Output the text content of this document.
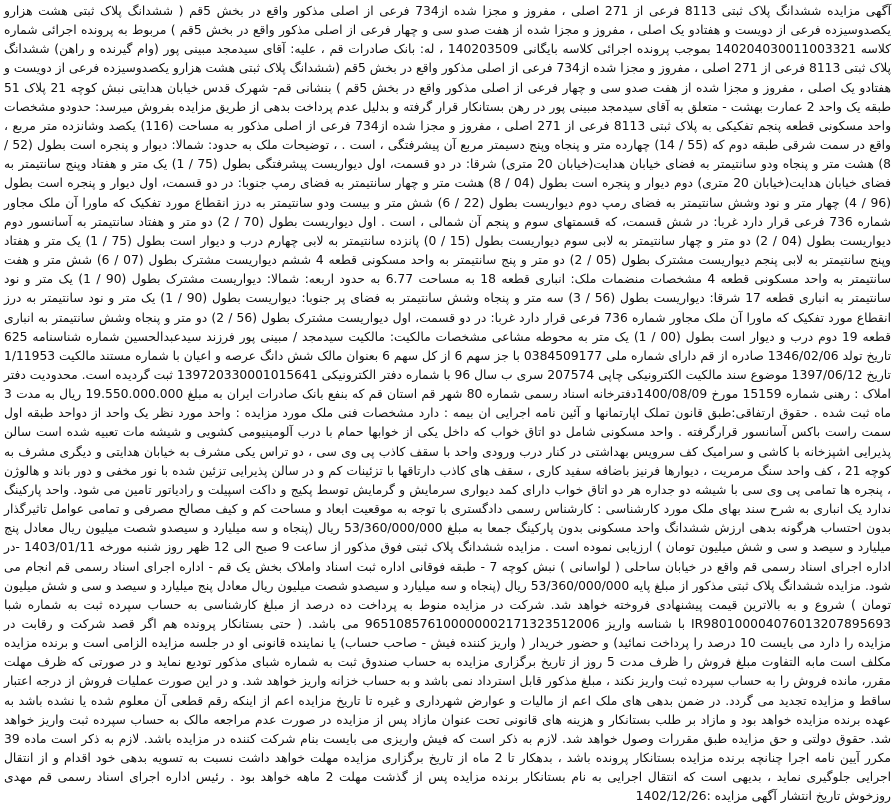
آگهی مزایده ششدانگ پلاک ثبتی 8113 فرعی از 271 اصلی ، مفروز و مجزا شده از734 فرعی از اصلی مذکور واقع در بخش 5قم ( ششدانگ پلاک ثبتی هشت هزارو یکصدوسیزده فرعی از دویست و هفتادو یک اصلی ، مفروز و مجزا شده از هفت صدو سی و چهار فرعی از اصلی مذکور واقع در بخش 5قم ) مربوط به پرونده اجرائی شماره کلاسه 140204030011003321 بموجب پرونده اجرائی کلاسه بایگانی 140203509 ، له: بانک صادرات قم ، علیه: آقای سیدمجد مبینی پور (وام گیرنده و راهن) ششدانگ پلاک ثبتی 8113 فرعی از 271 اصلی ، مفروز و مجزا شده از734 فرعی از اصلی مذکور واقع در بخش 5قم (ششدانگ پلاک ثبتی هشت هزارو یکصدوسیزده فرعی از دویست و هفتادو یک اصلی ، مفروز و مجزا شده از هفت صدو سی و چهار فرعی از اصلی مذکور واقع در بخش 5قم ) بنشانی قم- شهرک قدس خیابان هدایتی نبش کوچه 21 پلاک 51 طبقه یک واحد 2 عمارت بهشت - متعلق به آقای سیدمجد مبینی پور در رهن بستانکار قرار گرفته و بدلیل عدم پرداخت بدهی از طریق مزایده بفروش میرسد: حدودو مشخصات واحد مسکونی قطعه پنجم تفکیکی به پلاک ثبتی 8113 فرعی از 271 اصلی ، مفروز و مجزا شده از734 فرعی از اصلی مذکور به مساحت (116) یکصد وشانزده متر مربع ، واقع در سمت شرقی طبقه دوم که (55 / 14) چهارده متر و پنجاه وپنج دسیمتر مربع آن پیشرفتگی ، است . ، توضیحات ملک به حدود: شمالا: دیوار و پنجره است بطول (52 / 8) هشت متر و پنجاه ودو سانتیمتر به فضای خیابان هدایت(خیابان 20 متری) شرقا: در دو قسمت، اول دیواریست پیشرفتگی بطول (75 / 1) یک متر و هفتاد وپنج سانتیمتر به فضای خیابان هدایت(خیابان 20 متری) دوم دیوار و پنجره است بطول (04 / 8) هشت متر و چهار سانتیمتر به فضای رمپ جنوبا: در دو قسمت، اول دیوار و پنجره است بطول (96 / 4) چهار متر و نود وشش سانتیمتر به فضای رمپ دوم دیواریست بطول (22 / 6) شش متر و بیست ودو سانتیمتر به درز انقطاع مورد تفکیک که ماورا آن ملک مجاور شماره 736 فرعی قرار دارد غربا: در شش قسمت، که قسمتهای سوم و پنجم آن شمالی ، است . اول دیواریست بطول (70 / 2) دو متر و هفتاد سانتیمتر به آسانسور دوم دیواریست بطول (04 / 2) دو متر و چهار سانتیمتر به لابی سوم دیواریست بطول (15 / 0) پانزده سانتیمتر به لابی چهارم درب و دیوار است بطول (75 / 1) یک متر و هفتاد وپنج سانتیمتر به لابی پنجم دیواریست مشترک بطول (05 / 2) دو متر و پنج سانتیمتر به واحد مسکونی قطعه 4 ششم دیواریست مشترک بطول (07 / 6) شش متر و هفت سانتیمتر به واحد مسکونی قطعه 4 مشخصات منضمات ملک: انباری قطعه 18 به مساحت 6.77 به حدود اربعه: شمالا: دیواریست مشترک بطول (90 / 1) یک متر و نود سانتیمتر به انباری قطعه 17 شرقا: دیواریست بطول (56 / 3) سه متر و پنجاه وشش سانتیمتر به فضای پر جنوبا: دیواریست بطول (90 / 1) یک متر و نود سانتیمتر به درز انقطاع مورد تفکیک که ماورا آن ملک مجاور شماره 736 فرعی قرار دارد غربا: در دو قسمت، اول دیواریست مشترک بطول (56 / 2) دو متر و پنجاه وشش سانتیمتر به انباری قطعه 19 دوم درب و دیوار است بطول (00 / 1) یک متر به محوطه مشاعی مشخصات مالکیت: مالکیت سیدمجد / مبینی پور فرزند سیدعبدالحسین شماره شناسنامه 625 تاریخ تولد 1346/02/06 صادره از قم دارای شماره ملی 0384509177 با جز سهم 6 از کل سهم 6 بعنوان مالک شش دانگ عرصه و اعیان با شماره مستند مالکیت 1/11953 تاریخ 1397/06/12 موضوع سند مالکیت الکترونیکی چاپی 207574 سری ب سال 96 با شماره دفتر الکترونیکی 139720330001015641 ثبت گردیده است. محدودیت دفتر املاک : رهنی شماره 15159 مورخ 1400/08/09دفترخانه اسناد رسمی شماره 80 شهر قم استان قم که بنفع بانک صادرات ایران به مبلغ 19.550.000.000 ریال به مدت 3 ماه ثبت شده . حقوق ارتفاقی:طبق قانون تملک اپارتمانها و آئین نامه اجرایی ان بیمه : دارد مشخصات فنی ملک مورد مزایده : واحد مورد نظر یک واحد از دواحد طبقه اول سمت راست باکس آسانسور قرارگرفته . واحد مسکونی شامل دو اتاق خواب که داخل یکی از خوابها حمام با درب آلومینیومی کشویی و شیشه مات تعبیه شده است سالن پذیرایی اشپزخانه با کاشی و سرامیک کف سرویس بهداشتی در کنار درب ورودی واحد با سقف کاذب پی وی سی ، دو تراس یکی مشرف به خیابان هدایتی و دیگری مشرف به کوچه 21 ، کف واحد سنگ مرمریت ، دیوارها فرنیز باضافه سفید کاری ، سقف های کاذب دارتاقها با تزئینات کم و در سالن پذیرایی تزئین شده با نور مخفی و دور باند و هالوژن ، پنجره ها تمامی پی وی سی با شیشه دو جداره هر دو اتاق خواب دارای کمد دیواری سرمایش و گرمایش توسط پکیج و داکت اسپیلت و رادیاتور تامین می شود. واحد پارکینگ ندارد یک انباری به شرح سند بهای ملک مورد کارشناسی : کارشناس رسمی دادگستری با توجه به موقعیت ابعاد و مساحت کم و کیف مصالح مصرفی و تمامی عوامل تاثیرگذار بدون احتساب هرگونه بدهی ارزش ششدانگ واحد مسکونی بدون پارکینگ جمعا به مبلغ 53/360/000/000 ریال (پنجاه و سه میلیارد و سیصدو شصت میلیون ریال معادل پنج میلیارد و سیصد و سی و شش میلیون تومان ) ارزیابی نموده است . مزایده ششدانگ پلاک ثبتی فوق مذکور از ساعت 9 صبح الی 12 ظهر روز شنبه مورخه 1403/01/11 -در اداره اجرای اسناد رسمی قم واقع در خیابان ساحلی ( لواسانی ) نبش کوچه 7 - طبقه فوقانی اداره ثبت اسناد واملاک بخش یک قم - اداره اجرای اسناد رسمی قم انجام می شود. مزایده ششدانگ پلاک ثبتی مذکور از مبلغ پایه 53/360/000/000 ریال (پنجاه و سه میلیارد و سیصدو شصت میلیون ریال معادل پنج میلیارد و سیصد و سی و شش میلیون تومان ) شروع و به بالاترین قیمت پیشنهادی فروخته خواهد شد. شرکت در مزایده منوط به پرداخت ده درصد از مبلغ کارشناسی به حساب سپرده ثبت به شماره شبا IR980100004076013207895693 با شناسه واریز 965108576100000002171323512006 می باشد. ( حتی بستانکار پرونده هم اگر قصد شرکت و رقابت در مزایده را دارد می بایست 10 درصد را پرداخت نمائید) و حضور خریدار ( واریز کننده فیش - صاحب حساب) یا نماینده قانونی او در جلسه مزایده الزامی است و برنده مزایده مکلف است مابه التفاوت مبلغ فروش را ظرف مدت 5 روز از تاریخ برگزاری مزایده به حساب صندوق ثبت به شماره شبای مذکور تودیع نماید و در صورتی که ظرف مهلت مقرر، مانده فروش را به حساب سپرده ثبت واریز نکند ، مبلغ مذکور قابل استرداد نمی باشد و به حساب خزانه واریز خواهد شد. و در این صورت عملیات فروش از درجه اعتبار ساقط و مزایده تجدید می گردد. در ضمن بدهی های ملک اعم از مالیات و عوارض شهرداری و غیره تا تاریخ مزایده اعم از اینکه رقم قطعی آن معلوم شده یا نشده باشد به عهده برنده مزایده خواهد بود و مازاد بر طلب بستانکار و هزینه های قانونی تحت عنوان مازاد پس از مزایده در صورت عدم مراجعه مالک به حساب سپرده ثبت واریز خواهد شد. حقوق دولتی و حق مزایده طبق مقررات وصول خواهد شد. لازم به ذکر است که فیش واریزی می بایست بنام شرکت کننده در مزایده باشد. لازم به ذکر است ماده 39 مکرر آیین نامه اجرا چنانچه برنده مزایده بستانکار پرونده باشد ، بدهکار تا 2 ماه از تاریخ برگزاری مزایده مهلت خواهد داشت نسبت به تسویه بدهی خود اقدام و از انتقال اجرایی جلوگیری نماید ، بدیهی است که انتقال اجرایی به نام بستانکار برنده مزایده پس از گذشت مهلت 2 ماهه خواهد بود . رئیس اداره اجرای اسناد رسمی قم مهدی روزخوش تاریخ انتشار آگهی مزایده :1402/12/26
